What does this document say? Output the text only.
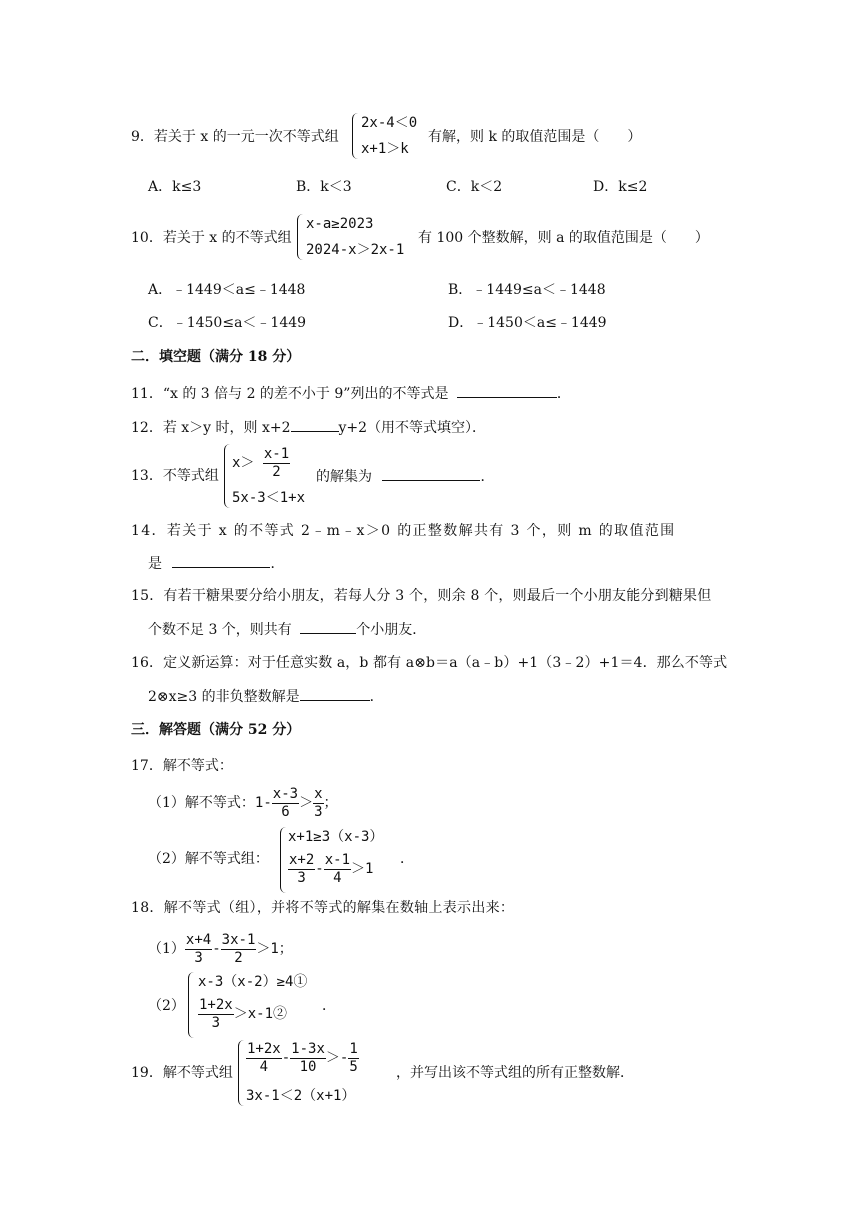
9．若关于 x 的一元一次不等式组
2x-4＜0
x+1＞k
有解，则 k 的取值范围是（　　）
A．k≤3	B．k＜3	C．k＜2	D．k≤2
10．若关于 x 的不等式组
x-a≥2023
2024-x＞2x-1
有 100 个整数解，则 a 的取值范围是（　　）
A．﹣1449＜a≤﹣1448	B．﹣1449≤a＜﹣1448
C．﹣1450≤a＜﹣1449	D．﹣1450＜a≤﹣1449
二．填空题（满分 18 分）
11．“x 的 3 倍与 2 的差不小于 9”列出的不等式是	．
12．若 x＞y 时，则 x+2	y+2（用不等式填空）．
13．不等式组
$x> \frac{x-1}{2}$
5x-3＜1+x
的解集为	．
14．若关于 x 的不等式 2﹣m﹣x＞0 的正整数解共有 3 个，则 m 的取值范围
是	．
15．有若干糖果要分给小朋友，若每人分 3 个，则余 8 个，则最后一个小朋友能分到糖果但
个数不足 3 个，则共有	个小朋友．
16．定义新运算：对于任意实数 a，b 都有 a⊗b＝a（a﹣b）+1（3﹣2）+1＝4．那么不等式
2⊗x≥3 的非负整数解是	．
三．解答题（满分 52 分）
17．解不等式：
（1）解不等式：$1- \frac{x-3}{6} > \frac{x}{3}$ ；
（2）解不等式组：
x+1≥3（x-3）
$\frac{x+2}{3} - \frac{x-1}{4} >1$
．
18．解不等式（组），并将不等式的解集在数轴上表示出来：
$(1) \frac{x+4}{3} - \frac{3x-1}{2} >1$；
（2）
x-3（x-2）≥4①
$\frac{1+2x}{3}$ ＞x-1② ．
19．解不等式组 $\frac{1+2x}{4} - \frac{1-3x}{10} >- \frac{1}{5}$
3x-1＜2（x+1）
，并写出该不等式组的所有正整数解．
